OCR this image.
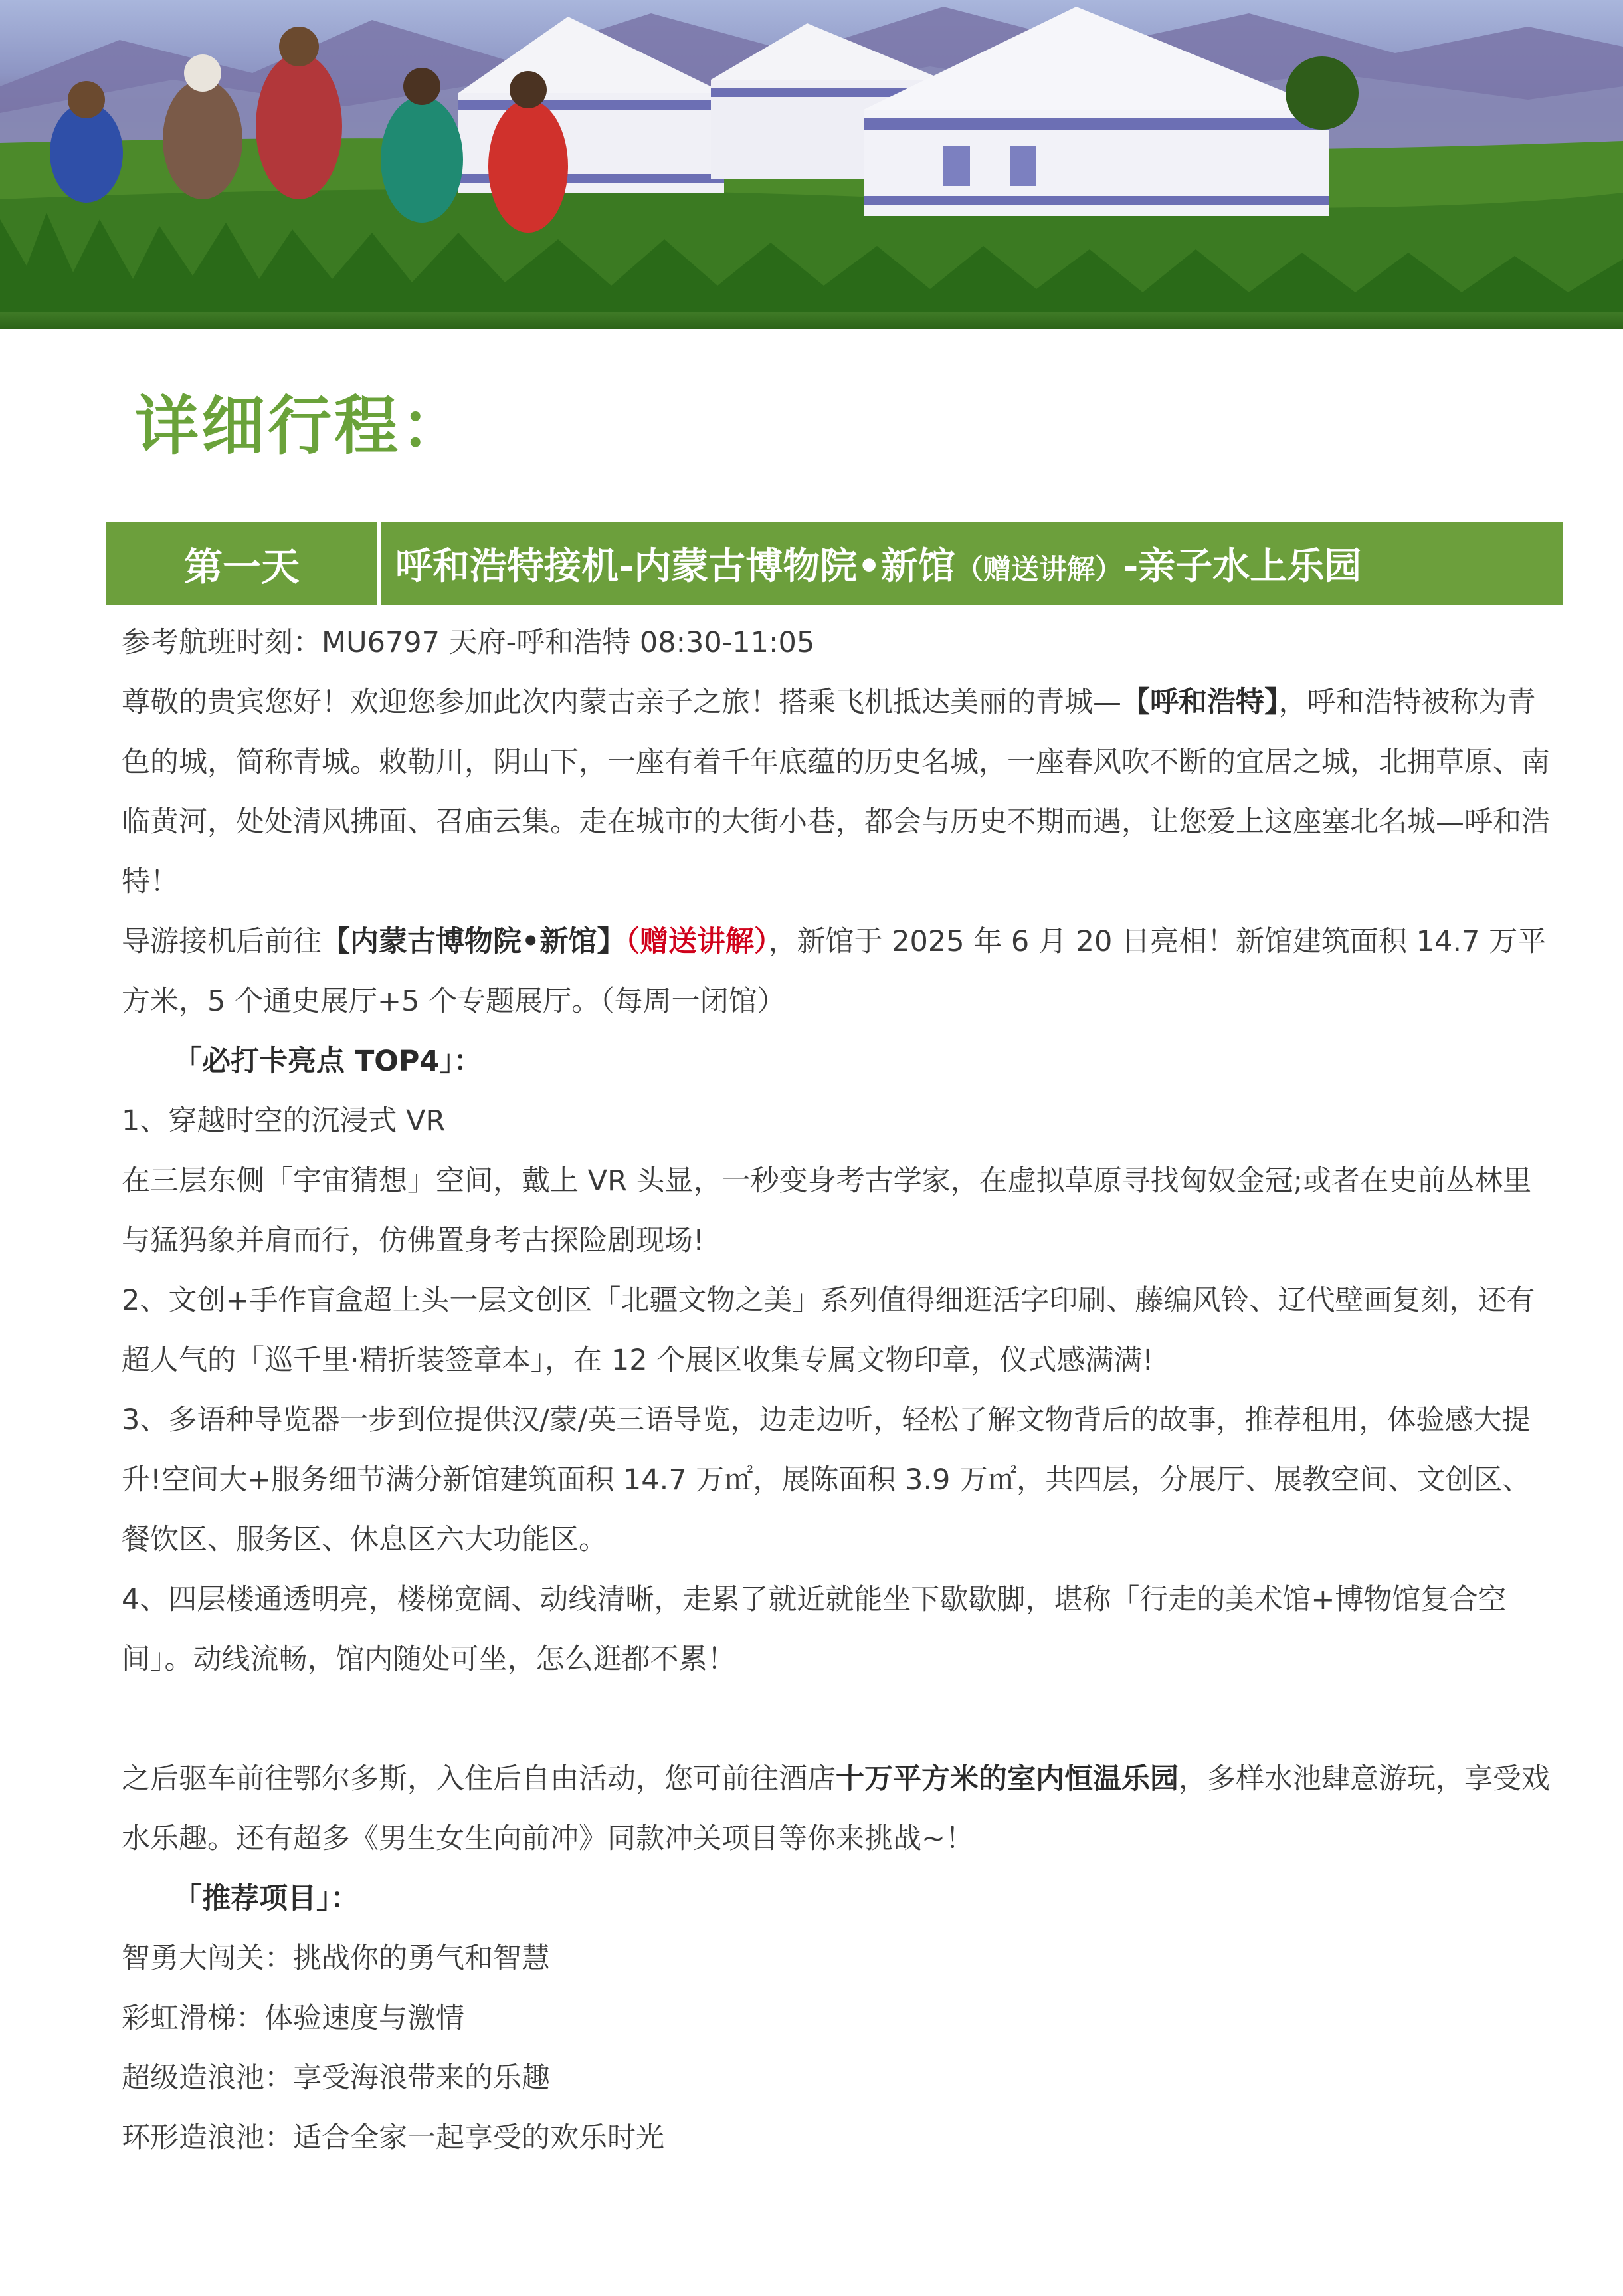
详细行程：
第一天	呼和浩特接机-内蒙古博物院•新馆（赠送讲解）-亲子水上乐园

参考航班时刻：MU6797 天府-呼和浩特 08:30-11:05

尊敬的贵宾您好！欢迎您参加此次内蒙古亲子之旅！搭乘飞机抵达美丽的青城—【呼和浩特】，呼和浩特被称为青色的城，简称青城。敕勒川，阴山下，一座有着千年底蕴的历史名城，一座春风吹不断的宜居之城，北拥草原、南临黄河，处处清风拂面、召庙云集。走在城市的大街小巷，都会与历史不期而遇，让您爱上这座塞北名城—呼和浩特！

导游接机后前往【内蒙古博物院•新馆】（赠送讲解），新馆于 2025 年 6 月 20 日亮相！新馆建筑面积 14.7 万平方米，5 个通史展厅+5 个专题展厅。（每周一闭馆）

「必打卡亮点 TOP4」：

1、穿越时空的沉浸式 VR

在三层东侧「宇宙猜想」空间，戴上 VR 头显，一秒变身考古学家，在虚拟草原寻找匈奴金冠;或者在史前丛林里与猛犸象并肩而行，仿佛置身考古探险剧现场!

2、文创+手作盲盒超上头一层文创区「北疆文物之美」系列值得细逛活字印刷、藤编风铃、辽代壁画复刻，还有超人气的「巡千里·精折装签章本」，在 12 个展区收集专属文物印章，仪式感满满!

3、多语种导览器一步到位提供汉/蒙/英三语导览，边走边听，轻松了解文物背后的故事，推荐租用，体验感大提升!空间大+服务细节满分新馆建筑面积 14.7 万㎡，展陈面积 3.9 万㎡，共四层，分展厅、展教空间、文创区、餐饮区、服务区、休息区六大功能区。

4、四层楼通透明亮，楼梯宽阔、动线清晰，走累了就近就能坐下歇歇脚，堪称「行走的美术馆+博物馆复合空间」。动线流畅，馆内随处可坐，怎么逛都不累！

之后驱车前往鄂尔多斯，入住后自由活动，您可前往酒店十万平方米的室内恒温乐园，多样水池肆意游玩，享受戏水乐趣。还有超多《男生女生向前冲》同款冲关项目等你来挑战~！

「推荐项目」：

智勇大闯关：挑战你的勇气和智慧

彩虹滑梯：体验速度与激情

超级造浪池：享受海浪带来的乐趣

环形造浪池：适合全家一起享受的欢乐时光
